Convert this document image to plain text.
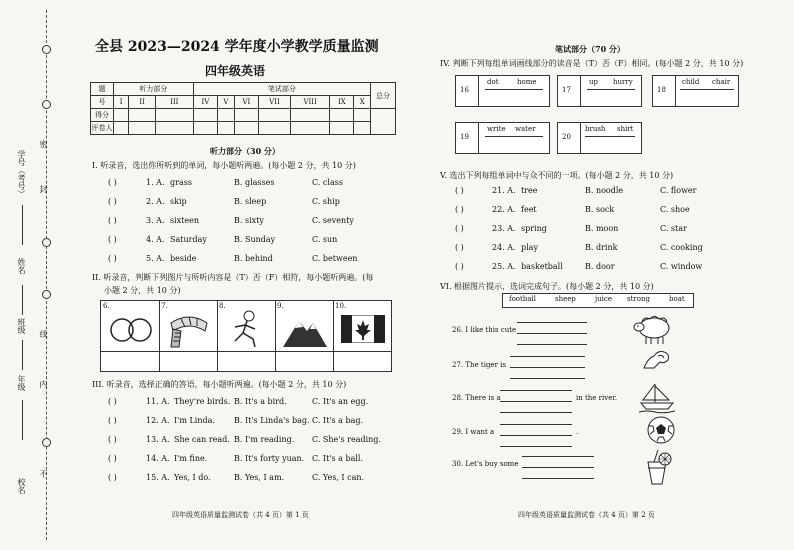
密
封
线
内
不
学号（考号）
姓名
班级
年级
校名
全县 2023—2024 学年度小学教学质量监测
四年级英语
题	听力部分			笔试部分							总分
号	I	II	III	IV	V	VI	VII	VIII	IX	X	
得分											
评卷人											
听力部分（30 分）
I. 听录音，选出你所听到的单词，每小题听两遍。(每小题 2 分，共 10 分)
( )	1. A. grass	B. glasses	C. class
( )	2. A. skip	B. sleep	C. ship
( )	3. A. sixteen	B. sixty	C. seventy
( )	4. A. Saturday	B. Sunday	C. sun
( )	5. A. beside	B. behind	C. between
II. 听录音，判断下列图片与所听内容是（T）否（F）相符，每小题听两遍。(每
小题 2 分，共 10 分)
6.	7.	8.	9.	10.
III. 听录音，选择正确的答语，每小题听两遍。(每小题 2 分，共 10 分)
( )	11. A. They're birds. B. It's a bird.	C. It's an egg.
( )	12. A. I'm Linda. B. It's Linda's bag. C. It's a bag.
( )	13. A. She can read. B. I'm reading. C. She's reading.
( )	14. A. I'm fine.	B. It's forty yuan. C. It's a ball.
( )	15. A. Yes, I do.	B. Yes, I am.	C. Yes, I can.
四年级英语质量监测试卷（共 4 页）第 1 页
笔试部分（70 分）
IV. 判断下列每组单词画线部分的读音是（T）否（F）相同。(每小题 2 分，共 10 分)
16
dot	home
17
up hurry
18
child chair
19
write water
20
brush shirt
V. 选出下列每组单词中与众不同的一项。(每小题 2 分，共 10 分)
( )	21. A. tree	B. noodle	C. flower
( )	22. A. feet	B. sock	C. shoe
( )	23. A. spring	B. moon	C. star
( )	24. A. play	B. drink	C. cooking
( )	25. A. basketball	B. door	C. window
VI. 根据图片提示，选词完成句子。(每小题 2 分，共 10 分)
football	sheep	juice strong	boat
26. I like this cute
27. The tiger is
28. There is a	in the river.
29. I want a	.
30. Let's buy some
四年级英语质量监测试卷（共 4 页）第 2 页
